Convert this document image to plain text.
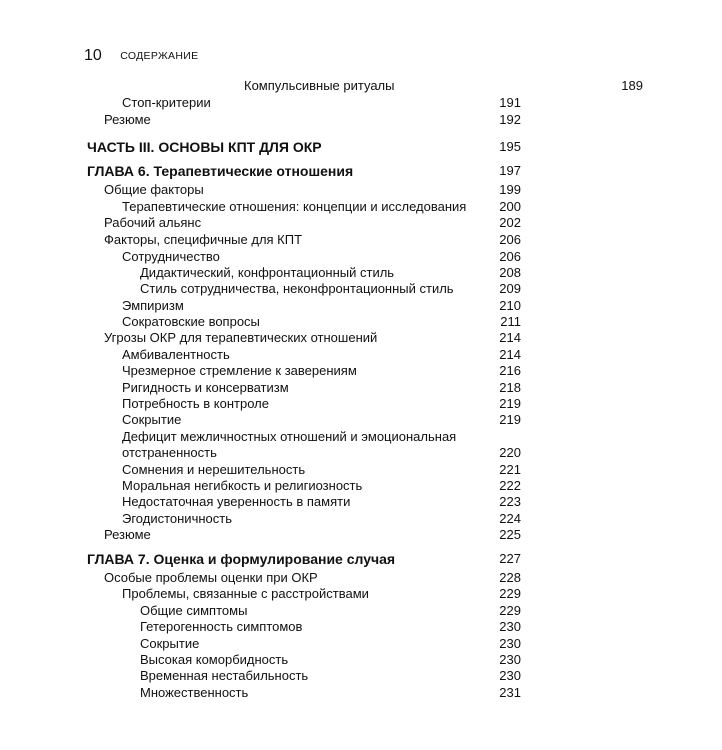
10 СОДЕРЖАНИЕ
Компульсивные ритуалы	189
Стоп-критерии	191
Резюме	192
ЧАСТЬ III. ОСНОВЫ КПТ ДЛЯ ОКР	195
ГЛАВА 6. Терапевтические отношения	197
Общие факторы	199
Терапевтические отношения: концепции и исследования	200
Рабочий альянс	202
Факторы, специфичные для КПТ	206
Сотрудничество	206
Дидактический, конфронтационный стиль	208
Стиль сотрудничества, неконфронтационный стиль	209
Эмпиризм	210
Сократовские вопросы	211
Угрозы ОКР для терапевтических отношений	214
Амбивалентность	214
Чрезмерное стремление к заверениям	216
Ригидность и консерватизм	218
Потребность в контроле	219
Сокрытие	219
Дефицит межличностных отношений и эмоциональная
отстраненность	220
Сомнения и нерешительность	221
Моральная негибкость и религиозность	222
Недостаточная уверенность в памяти	223
Эгодистоничность	224
Резюме	225
ГЛАВА 7. Оценка и формулирование случая	227
Особые проблемы оценки при ОКР	228
Проблемы, связанные с расстройствами	229
Общие симптомы	229
Гетерогенность симптомов	230
Сокрытие	230
Высокая коморбидность	230
Временная нестабильность	230
Множественность	231
